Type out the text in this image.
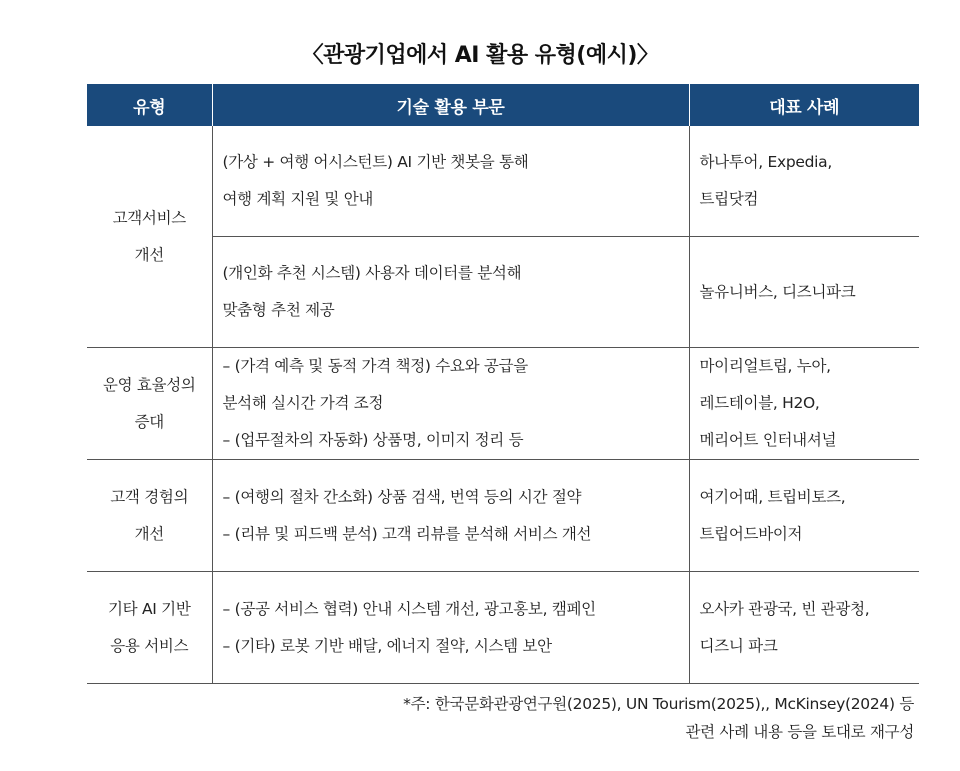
〈관광기업에서 AI 활용 유형(예시)〉
유형	기술 활용 부문	대표 사례

고객서비스
개선	(가상 + 여행 어시스턴트) AI 기반 챗봇을 통해
여행 계획 지원 및 안내	하나투어, Expedia,
트립닷컴

	(개인화 추천 시스템) 사용자 데이터를 분석해
맞춤형 추천 제공	놀유니버스, 디즈니파크

운영 효율성의
증대	– (가격 예측 및 동적 가격 책정) 수요와 공급을
분석해 실시간 가격 조정
– (업무절차의 자동화) 상품명, 이미지 정리 등	마이리얼트립, 누아,
레드테이블, H2O,
메리어트 인터내셔널

고객 경험의
개선	– (여행의 절차 간소화) 상품 검색, 번역 등의 시간 절약
– (리뷰 및 피드백 분석) 고객 리뷰를 분석해 서비스 개선	여기어때, 트립비토즈,
트립어드바이저

기타 AI 기반
응용 서비스	– (공공 서비스 협력) 안내 시스템 개선, 광고홍보, 캠페인
– (기타) 로봇 기반 배달, 에너지 절약, 시스템 보안	오사카 관광국, 빈 관광청,
디즈니 파크
*주: 한국문화관광연구원(2025), UN Tourism(2025),, McKinsey(2024) 등
관련 사례 내용 등을 토대로 재구성
